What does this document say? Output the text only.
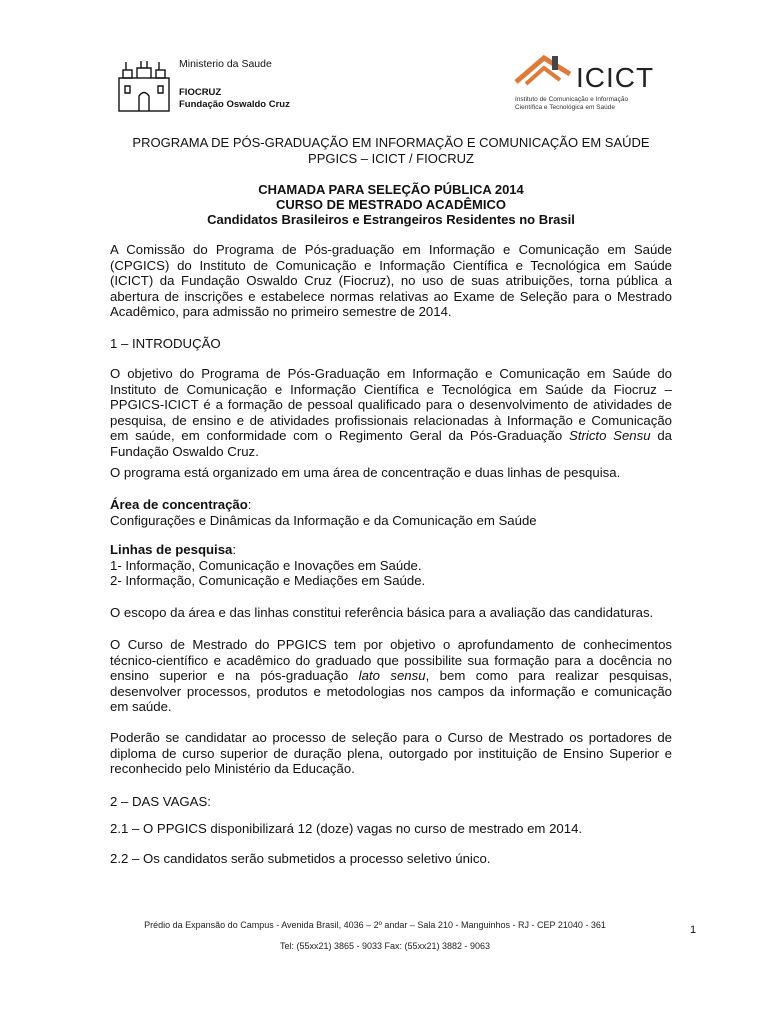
Ministerio da Saude
FIOCRUZ
Fundação Oswaldo Cruz
ICICT
Instituto de Comunicação e Informação
Científica e Tecnológica em Saúde
PROGRAMA DE PÓS-GRADUAÇÃO EM INFORMAÇÃO E COMUNICAÇÃO EM SAÚDE
PPGICS – ICICT / FIOCRUZ
CHAMADA PARA SELEÇÃO PÚBLICA 2014
CURSO DE MESTRADO ACADÊMICO
Candidatos Brasileiros e Estrangeiros Residentes no Brasil

A Comissão do Programa de Pós-graduação em Informação e Comunicação em Saúde (CPGICS) do Instituto de Comunicação e Informação Científica e Tecnológica em Saúde (ICICT) da Fundação Oswaldo Cruz (Fiocruz), no uso de suas atribuições, torna pública a abertura de inscrições e estabelece normas relativas ao Exame de Seleção para o Mestrado Acadêmico, para admissão no primeiro semestre de 2014.

1 – INTRODUÇÃO

O objetivo do Programa de Pós-Graduação em Informação e Comunicação em Saúde do Instituto de Comunicação e Informação Científica e Tecnológica em Saúde da Fiocruz – PPGICS-ICICT é a formação de pessoal qualificado para o desenvolvimento de atividades de pesquisa, de ensino e de atividades profissionais relacionadas à Informação e Comunicação em saúde, em conformidade com o Regimento Geral da Pós-Graduação Stricto Sensu da Fundação Oswaldo Cruz.

O programa está organizado em uma área de concentração e duas linhas de pesquisa.

Área de concentração:
Configurações e Dinâmicas da Informação e da Comunicação em Saúde
Linhas de pesquisa:
1- Informação, Comunicação e Inovações em Saúde.
2- Informação, Comunicação e Mediações em Saúde.

O escopo da área e das linhas constitui referência básica para a avaliação das candidaturas.

O Curso de Mestrado do PPGICS tem por objetivo o aprofundamento de conhecimentos técnico-científico e acadêmico do graduado que possibilite sua formação para a docência no ensino superior e na pós-graduação lato sensu, bem como para realizar pesquisas, desenvolver processos, produtos e metodologias nos campos da informação e comunicação em saúde.

Poderão se candidatar ao processo de seleção para o Curso de Mestrado os portadores de diploma de curso superior de duração plena, outorgado por instituição de Ensino Superior e reconhecido pelo Ministério da Educação.

2 – DAS VAGAS:

2.1 – O PPGICS disponibilizará 12 (doze) vagas no curso de mestrado em 2014.

2.2 – Os candidatos serão submetidos a processo seletivo único.

Prédio da Expansão do Campus - Avenida Brasil, 4036 – 2º andar – Sala 210 - Manguinhos - RJ - CEP 21040 - 361	1
Tel: (55xx21) 3865 - 9033 Fax: (55xx21) 3882 - 9063
